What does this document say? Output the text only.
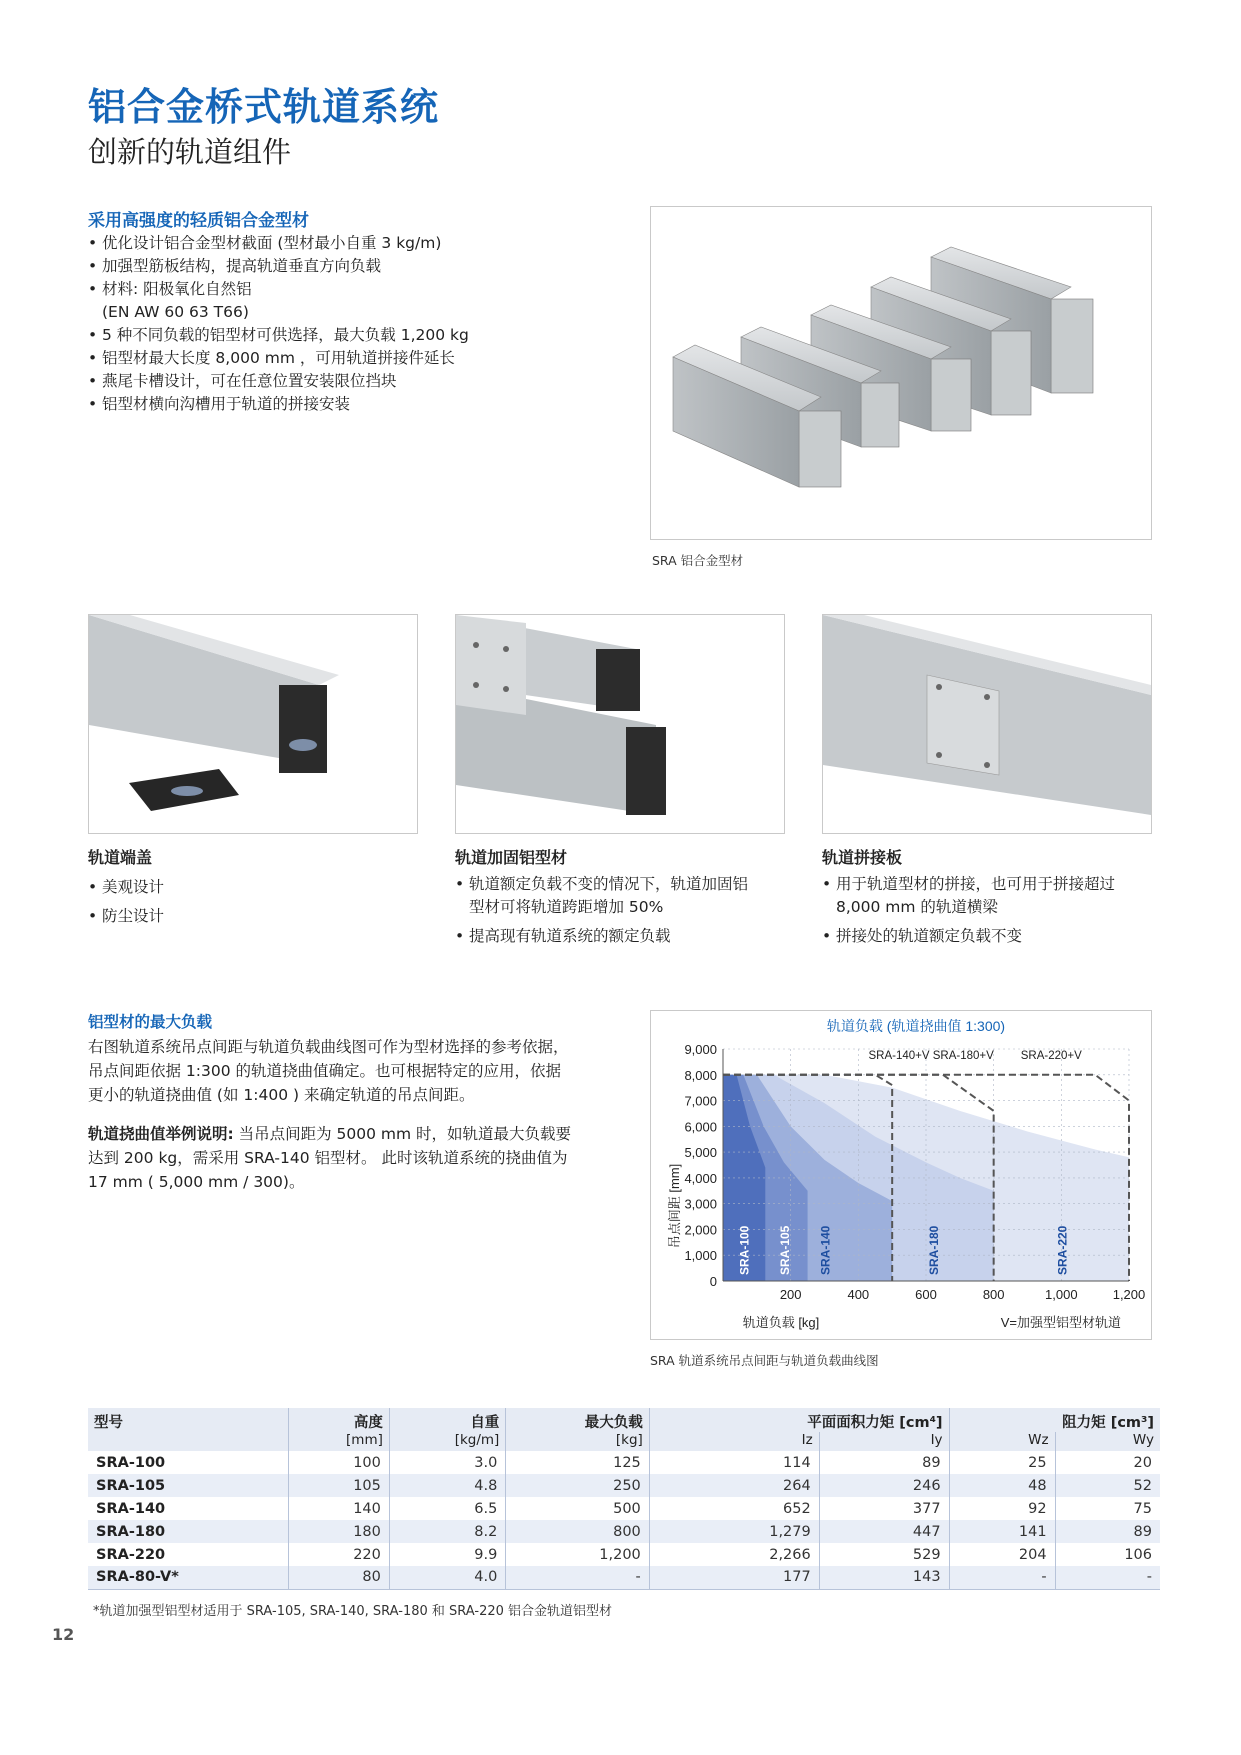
铝合金桥式轨道系统
创新的轨道组件
采用高强度的轻质铝合金型材
• 优化设计铝合金型材截面 (型材最小自重 3 kg/m)
• 加强型筋板结构，提高轨道垂直方向负载
• 材料: 阳极氧化自然铝
(EN AW 60 63 T66)
• 5 种不同负载的铝型材可供选择，最大负载 1,200 kg
• 铝型材最大长度 8,000 mm ，可用轨道拼接件延长
• 燕尾卡槽设计，可在任意位置安装限位挡块
• 铝型材横向沟槽用于轨道的拼接安装
SRA 铝合金型材
轨道端盖
• 美观设计
• 防尘设计
轨道加固铝型材
• 轨道额定负载不变的情况下，轨道加固铝
型材可将轨道跨距增加 50%
• 提高现有轨道系统的额定负载
轨道拼接板
• 用于轨道型材的拼接，也可用于拼接超过
8,000 mm 的轨道横梁
• 拼接处的轨道额定负载不变
铝型材的最大负载
右图轨道系统吊点间距与轨道负载曲线图可作为型材选择的参考依据，
吊点间距依据 1:300 的轨道挠曲值确定。也可根据特定的应用，依据
更小的轨道挠曲值 (如 1:400 ) 来确定轨道的吊点间距。
轨道挠曲值举例说明: 当吊点间距为 5000 mm 时，如轨道最大负载要
达到 200 kg，需采用 SRA-140 铝型材。 此时该轨道系统的挠曲值为
17 mm ( 5,000 mm / 300)。
轨道负载 (轨道挠曲值 1:300)
SRA-140+V SRA-180+V SRA-220+V
200	400	600	800	1,000	1,200
0
1,000
2,000
3,000
4,000
5,000
6,000
7,000
8,000
9,000
SRA-100 SRA-105 SRA-140	SRA-180	SRA-220
吊点间距 [mm]
轨道负载 [kg]	V=加强型铝型材轨道
SRA 轨道系统吊点间距与轨道负载曲线图
型号	高度	自重	最大负载	平面面积力矩 [cm⁴]		阻力矩 [cm³]	
	[mm]	[kg/m]	[kg]	Iz	Iy	Wz	Wy
SRA-100	100	3.0	125	114	89	25	20
SRA-105	105	4.8	250	264	246	48	52
SRA-140	140	6.5	500	652	377	92	75
SRA-180	180	8.2	800	1,279	447	141	89
SRA-220	220	9.9	1,200	2,266	529	204	106
SRA-80-V*	80	4.0	-	177	143	-	-
*轨道加强型铝型材适用于 SRA-105, SRA-140, SRA-180 和 SRA-220 铝合金轨道铝型材
12
